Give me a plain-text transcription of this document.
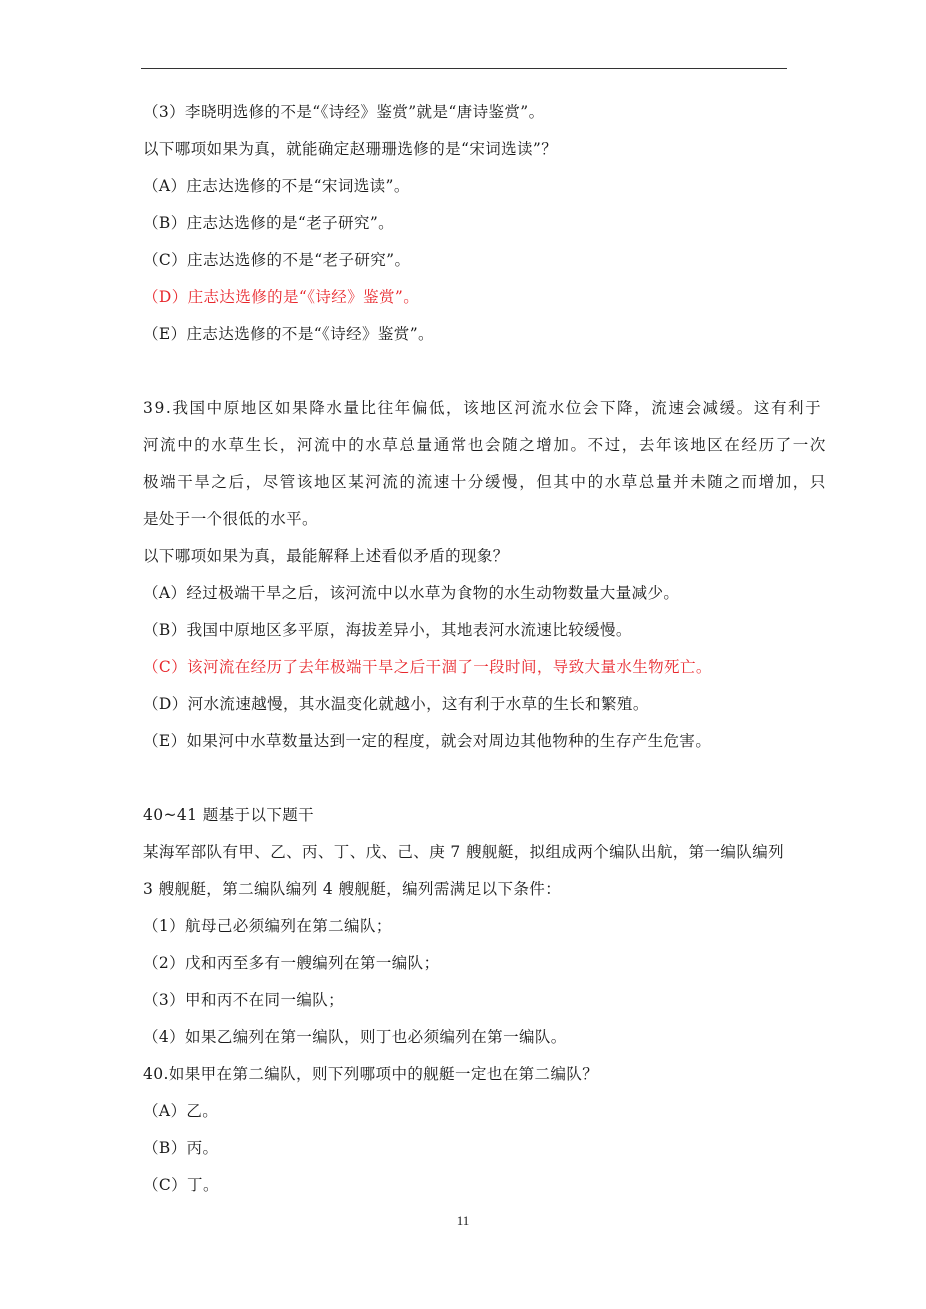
（3）李晓明选修的不是“《诗经》鉴赏”就是“唐诗鉴赏”。
以下哪项如果为真，就能确定赵珊珊选修的是“宋词选读”？
（A）庄志达选修的不是“宋词选读”。
（B）庄志达选修的是“老子研究”。
（C）庄志达选修的不是“老子研究”。
（D）庄志达选修的是“《诗经》鉴赏”。
（E）庄志达选修的不是“《诗经》鉴赏”。
39.我国中原地区如果降水量比往年偏低，该地区河流水位会下降，流速会减缓。这有利于
河流中的水草生长，河流中的水草总量通常也会随之增加。不过，去年该地区在经历了一次
极端干旱之后，尽管该地区某河流的流速十分缓慢，但其中的水草总量并未随之而增加，只
是处于一个很低的水平。
以下哪项如果为真，最能解释上述看似矛盾的现象？
（A）经过极端干旱之后，该河流中以水草为食物的水生动物数量大量减少。
（B）我国中原地区多平原，海拔差异小，其地表河水流速比较缓慢。
（C）该河流在经历了去年极端干旱之后干涸了一段时间，导致大量水生物死亡。
（D）河水流速越慢，其水温变化就越小，这有利于水草的生长和繁殖。
（E）如果河中水草数量达到一定的程度，就会对周边其他物种的生存产生危害。
40~41 题基于以下题干
某海军部队有甲、乙、丙、丁、戊、己、庚 7 艘舰艇，拟组成两个编队出航，第一编队编列
3 艘舰艇，第二编队编列 4 艘舰艇，编列需满足以下条件：
（1）航母己必须编列在第二编队；
（2）戊和丙至多有一艘编列在第一编队；
（3）甲和丙不在同一编队；
（4）如果乙编列在第一编队，则丁也必须编列在第一编队。
40.如果甲在第二编队，则下列哪项中的舰艇一定也在第二编队？
（A）乙。
（B）丙。
（C）丁。
11
